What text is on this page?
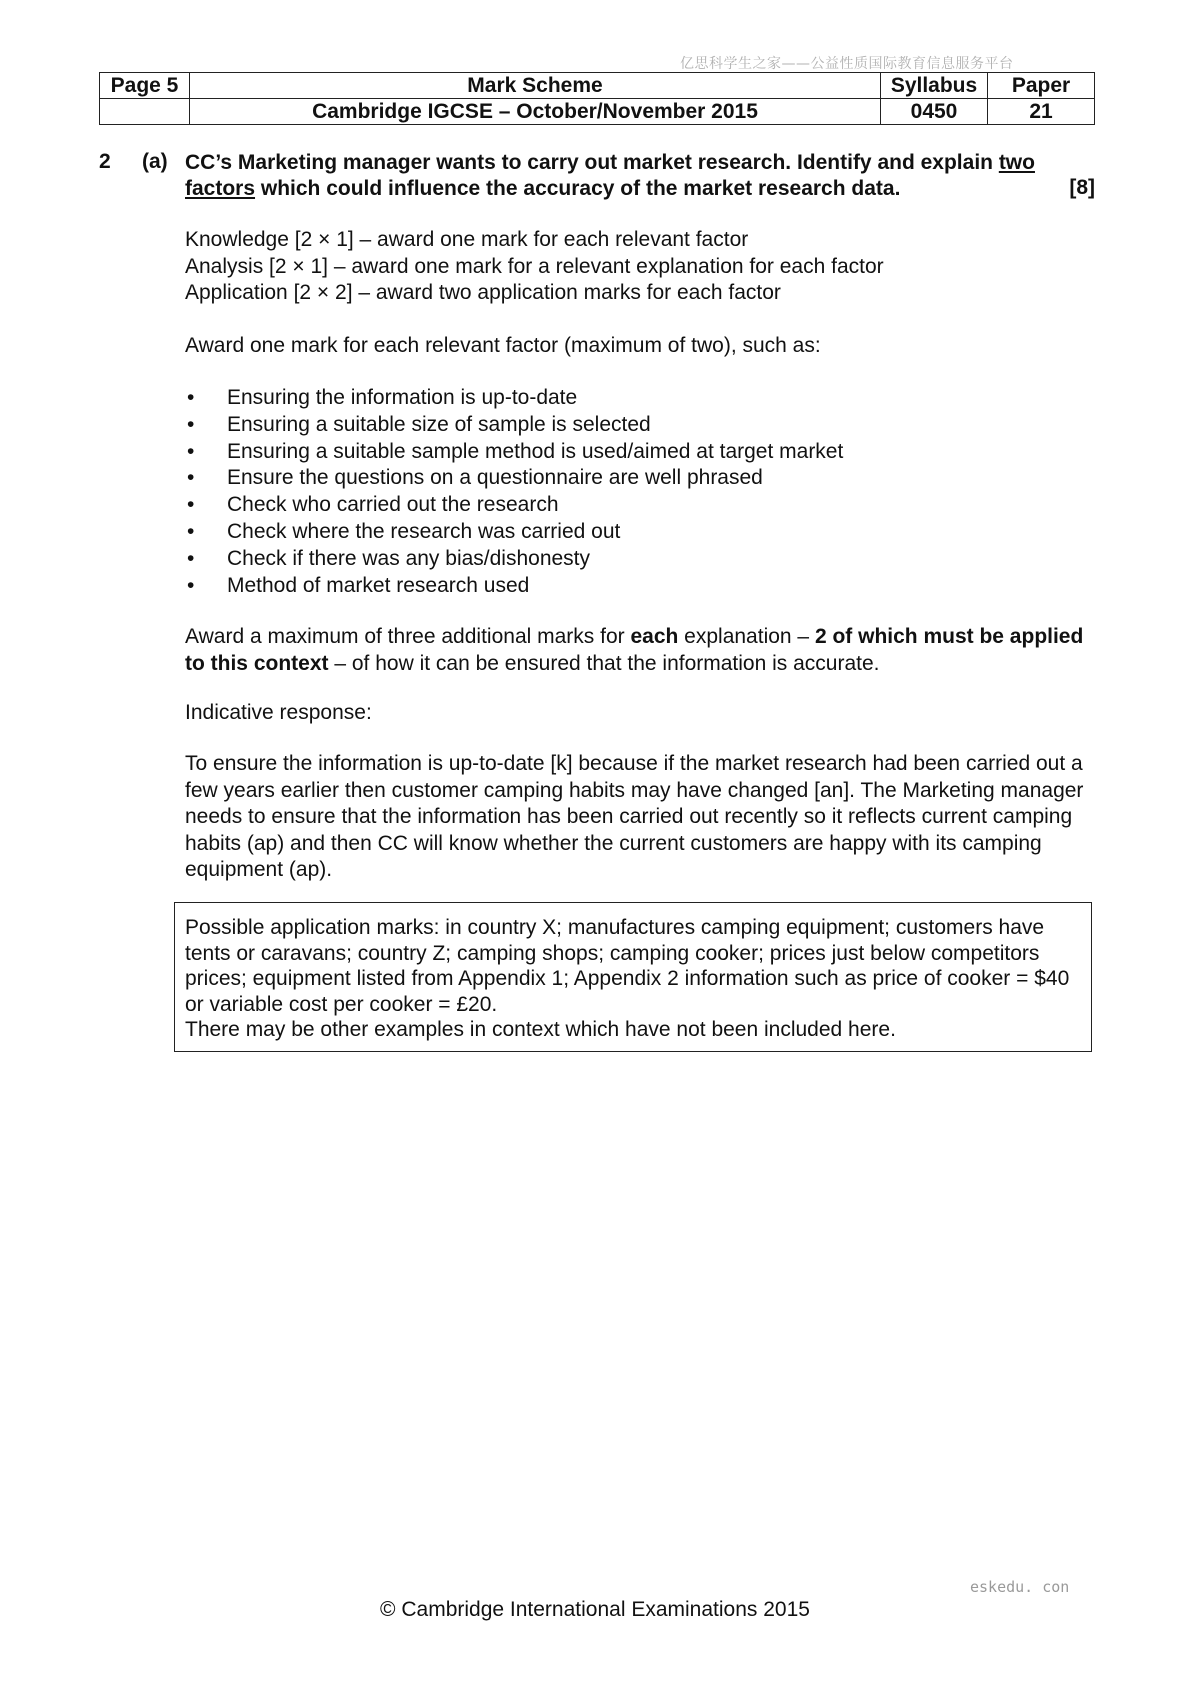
亿思科学生之家——公益性质国际教育信息服务平台
Page 5	Mark Scheme	Syllabus	Paper
	Cambridge IGCSE – October/November 2015	0450	21
2 (a) CC’s Marketing manager wants to carry out market research. Identify and explain two factors which could influence the accuracy of the market research data.	[8]

Knowledge [2 × 1] – award one mark for each relevant factor

Analysis [2 × 1] – award one mark for a relevant explanation for each factor

Application [2 × 2] – award two application marks for each factor

Award one mark for each relevant factor (maximum of two), such as:
• Ensuring the information is up-to-date
• Ensuring a suitable size of sample is selected
• Ensuring a suitable sample method is used/aimed at target market
• Ensure the questions on a questionnaire are well phrased
• Check who carried out the research
• Check where the research was carried out
• Check if there was any bias/dishonesty
• Method of market research used
Award a maximum of three additional marks for each explanation – 2 of which must be applied to this context – of how it can be ensured that the information is accurate.
Indicative response:
To ensure the information is up-to-date [k] because if the market research had been carried out a few years earlier then customer camping habits may have changed [an]. The Marketing manager needs to ensure that the information has been carried out recently so it reflects current camping habits (ap) and then CC will know whether the current customers are happy with its camping equipment (ap).
Possible application marks: in country X; manufactures camping equipment; customers have tents or caravans; country Z; camping shops; camping cooker; prices just below competitors prices; equipment listed from Appendix 1; Appendix 2 information such as price of cooker = $40 or variable cost per cooker = £20.
There may be other examples in context which have not been included here.
eskedu. con
© Cambridge International Examinations 2015
